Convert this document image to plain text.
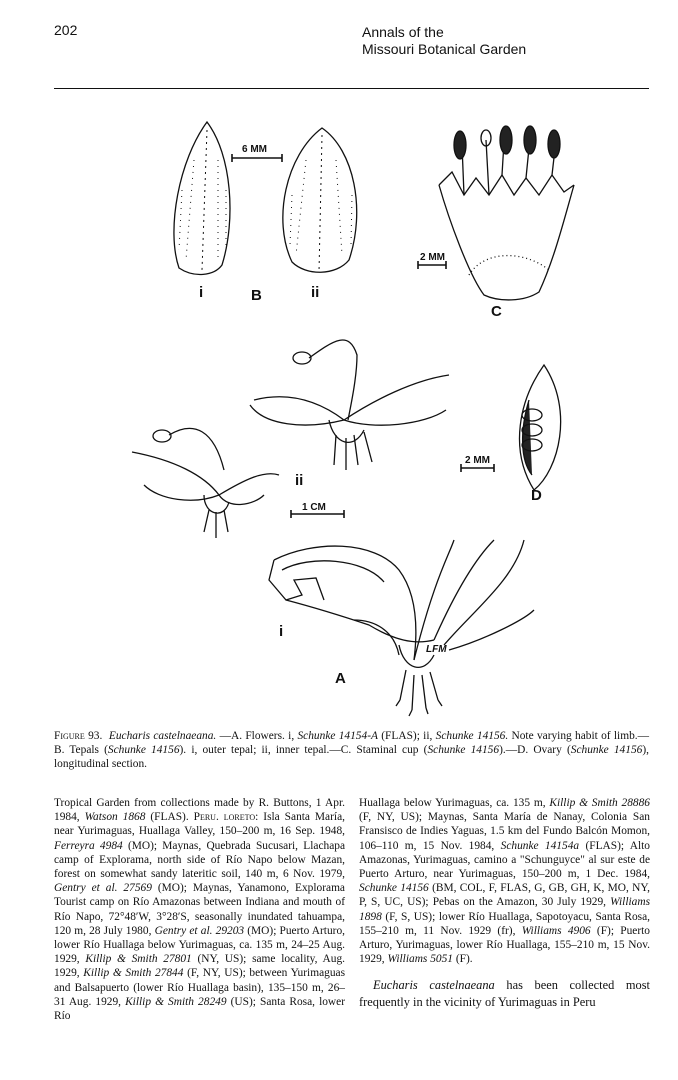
202	Annals of the
Missouri Botanical Garden
i	B	ii
C
ii
D
i
A
6 MM
2 MM
1 CM
2 MM
LFM
Figure 93. Eucharis castelnaeana. —A. Flowers. i, Schunke 14154-A (FLAS); ii, Schunke 14156. Note varying habit of limb.—B. Tepals (Schunke 14156). i, outer tepal; ii, inner tepal.—C. Staminal cup (Schunke 14156).—D. Ovary (Schunke 14156), longitudinal section.

Tropical Garden from collections made by R. Buttons, 1 Apr. 1984, Watson 1868 (FLAS). Peru. loreto: Isla Santa María, near Yurimaguas, Huallaga Valley, 150–200 m, 16 Sep. 1948, Ferreyra 4984 (MO); Maynas, Quebrada Sucusari, Llachapa camp of Explorama, north side of Río Napo below Mazan, forest on somewhat sandy lateritic soil, 140 m, 6 Nov. 1979, Gentry et al. 27569 (MO); Maynas, Yanamono, Explorama Tourist camp on Río Amazonas between Indiana and mouth of Río Napo, 72°48′W, 3°28′S, seasonally inundated tahuampa, 120 m, 28 July 1980, Gentry et al. 29203 (MO); Puerto Arturo, lower Río Huallaga below Yurimaguas, ca. 135 m, 24–25 Aug. 1929, Killip & Smith 27801 (NY, US); same locality, Aug. 1929, Killip & Smith 27844 (F, NY, US); between Yurimaguas and Balsapuerto (lower Río Huallaga basin), 135–150 m, 26–31 Aug. 1929, Killip & Smith 28249 (US); Santa Rosa, lower Río

Huallaga below Yurimaguas, ca. 135 m, Killip & Smith 28886 (F, NY, US); Maynas, Santa María de Nanay, Colonia San Fransisco de Indies Yaguas, 1.5 km del Fundo Balcón Momon, 106–110 m, 15 Nov. 1984, Schunke 14154a (FLAS); Alto Amazonas, Yurimaguas, camino a "Schunguyce" al sur este de Puerto Arturo, near Yurimaguas, 150–200 m, 1 Dec. 1984, Schunke 14156 (BM, COL, F, FLAS, G, GB, GH, K, MO, NY, P, S, UC, US); Pebas on the Amazon, 30 July 1929, Williams 1898 (F, S, US); lower Río Huallaga, Sapotoyacu, Santa Rosa, 155–210 m, 11 Nov. 1929 (fr), Williams 4906 (F); Puerto Arturo, Yurimaguas, lower Río Huallaga, 155–210 m, 15 Nov. 1929, Williams 5051 (F).

Eucharis castelnaeana has been collected most frequently in the vicinity of Yurimaguas in Peru
